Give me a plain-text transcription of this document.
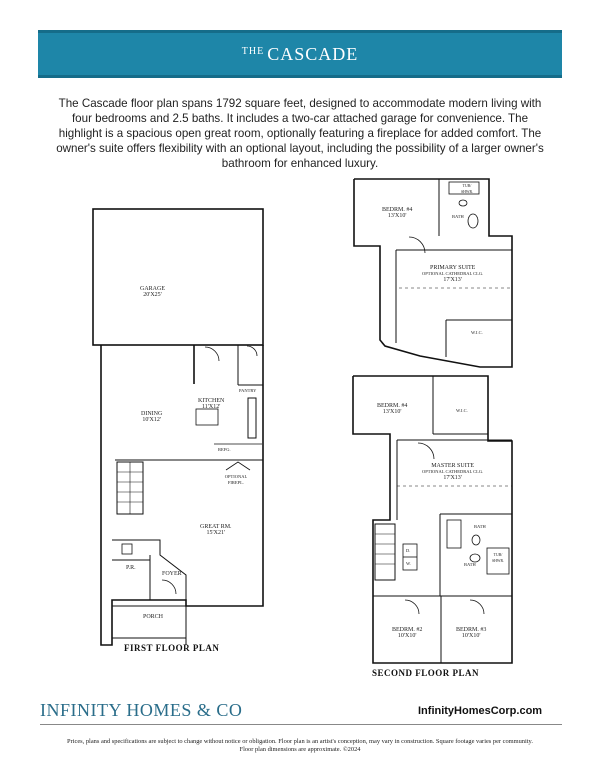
$^{THE}$ CASCADE
The Cascade floor plan spans 1792 square feet, designed to accommodate modern living with four bedrooms and 2.5 baths. It includes a two-car attached garage for convenience. The highlight is a spacious open great room, optionally featuring a fireplace for added comfort. The owner's suite offers flexibility with an optional layout, including the possibility of a larger owner's bathroom for enhanced luxury.
GARAGE
20'X25'
KITCHEN
11'X12'
DINING
10'X12'
GREAT RM.
15'X21'
FOYER
P.R.
PORCH
PANTRY
REFG.
OPTIONAL FIREPL.
FIRST FLOOR PLAN
BEDRM. #4
13'X10'
PRIMARY SUITE
OPTIONAL CATHEDRAL CLG.
17'X13'
BATH
TUB/ SHWR.
W.I.C.
BEDRM. #4
13'X10'	W.I.C.
MASTER SUITE
OPTIONAL CATHEDRAL CLG.
17'X13'
BATH
BATH
TUB/ SHWR.
BEDRM. #2
10'X10'
BEDRM. #3
10'X10'
D.
W.
SECOND FLOOR PLAN
INFINITY HOMES & CO	InfinityHomesCorp.com
Prices, plans and specifications are subject to change without notice or obligation. Floor plan is an artist's conception, may vary in construction. Square footage varies per community. Floor plan dimensions are approximate. ©2024
